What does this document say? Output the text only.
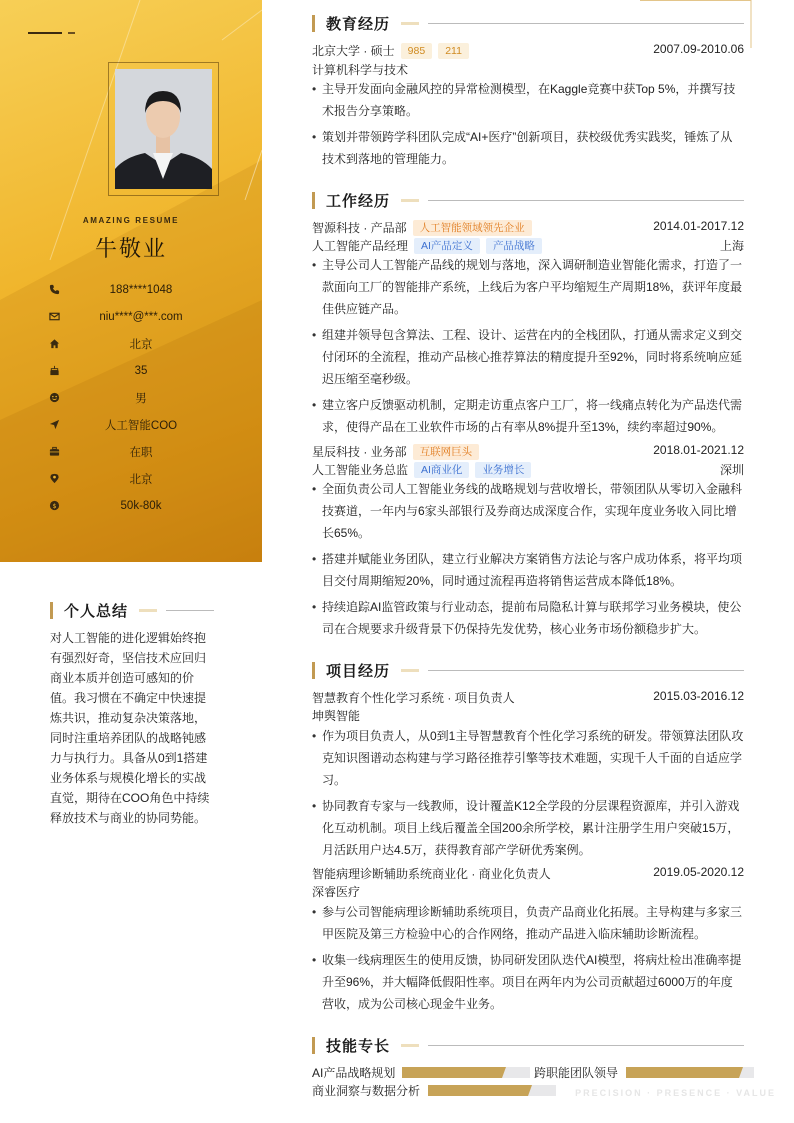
AMAZING RESUME
牛敬业
188****1048
niu****@***.com
北京
35
男
人工智能COO
在职
北京
$	50k-80k
个人总结
对人工智能的进化逻辑始终抱有强烈好奇，坚信技术应回归商业本质并创造可感知的价值。我习惯在不确定中快速提炼共识，推动复杂决策落地，同时注重培养团队的战略钝感力与执行力。具备从0到1搭建业务体系与规模化增长的实战直觉，期待在COO角色中持续释放技术与商业的协同势能。
教育经历
北京大学 · 硕士	985	211	2007.09-2010.06
计算机科学与技术
• 主导开发面向金融风控的异常检测模型，在Kaggle竞赛中获Top 5%，并撰写技术报告分享策略。
• 策划并带领跨学科团队完成“AI+医疗”创新项目，获校级优秀实践奖，锤炼了从技术到落地的管理能力。
工作经历
智源科技 · 产品部	人工智能领域领先企业	2014.01-2017.12
人工智能产品经理	AI产品定义	产品战略	上海
• 主导公司人工智能产品线的规划与落地，深入调研制造业智能化需求，打造了一款面向工厂的智能排产系统，上线后为客户平均缩短生产周期18%，获评年度最佳供应链产品。
• 组建并领导包含算法、工程、设计、运营在内的全栈团队，打通从需求定义到交付闭环的全流程，推动产品核心推荐算法的精度提升至92%，同时将系统响应延迟压缩至毫秒级。
• 建立客户反馈驱动机制，定期走访重点客户工厂，将一线痛点转化为产品迭代需求，使得产品在工业软件市场的占有率从8%提升至13%，续约率超过90%。
星辰科技 · 业务部	互联网巨头	2018.01-2021.12
人工智能业务总监	AI商业化	业务增长	深圳
• 全面负责公司人工智能业务线的战略规划与营收增长，带领团队从零切入金融科技赛道，一年内与6家头部银行及券商达成深度合作，实现年度业务收入同比增长65%。
• 搭建并赋能业务团队，建立行业解决方案销售方法论与客户成功体系，将平均项目交付周期缩短20%，同时通过流程再造将销售运营成本降低18%。
• 持续追踪AI监管政策与行业动态，提前布局隐私计算与联邦学习业务模块，使公司在合规要求升级背景下仍保持先发优势，核心业务市场份额稳步扩大。
项目经历
智慧教育个性化学习系统 · 项目负责人	2015.03-2016.12
坤舆智能
• 作为项目负责人，从0到1主导智慧教育个性化学习系统的研发。带领算法团队攻克知识图谱动态构建与学习路径推荐引擎等技术难题，实现千人千面的自适应学习。
• 协同教育专家与一线教师，设计覆盖K12全学段的分层课程资源库，并引入游戏化互动机制。项目上线后覆盖全国200余所学校，累计注册学生用户突破15万，月活跃用户达4.5万，获得教育部产学研优秀案例。
智能病理诊断辅助系统商业化 · 商业化负责人	2019.05-2020.12
深睿医疗
• 参与公司智能病理诊断辅助系统项目，负责产品商业化拓展。主导构建与多家三甲医院及第三方检验中心的合作网络，推动产品进入临床辅助诊断流程。
• 收集一线病理医生的使用反馈，协同研发团队迭代AI模型，将病灶检出准确率提升至96%，并大幅降低假阳性率。项目在两年内为公司贡献超过6000万的年度营收，成为公司核心现金牛业务。
技能专长
AI产品战略规划	跨职能团队领导
商业洞察与数据分析	PRECISION · PRESENCE · VALUE
